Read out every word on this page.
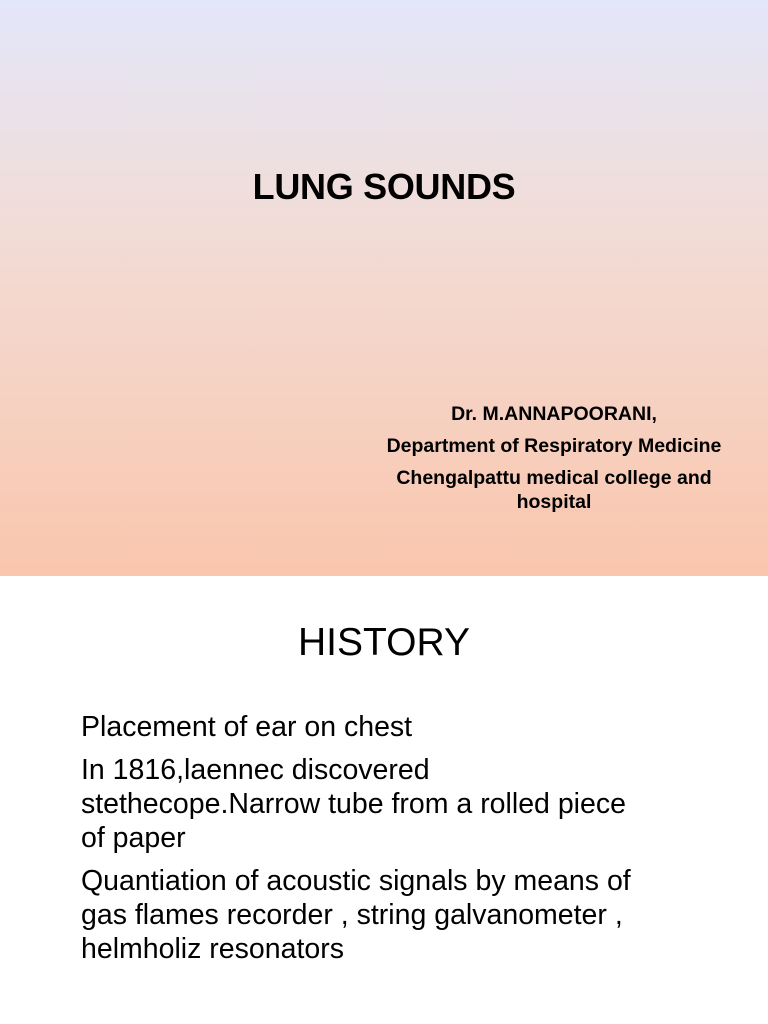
LUNG SOUNDS
Dr. M.ANNAPOORANI,
Department of Respiratory Medicine
Chengalpattu medical college and
hospital
HISTORY
Placement of ear on chest
In 1816,laennec discovered
stethecope.Narrow tube from a rolled piece
of paper
Quantiation of acoustic signals by means of
gas flames recorder , string galvanometer ,
helmholiz resonators
